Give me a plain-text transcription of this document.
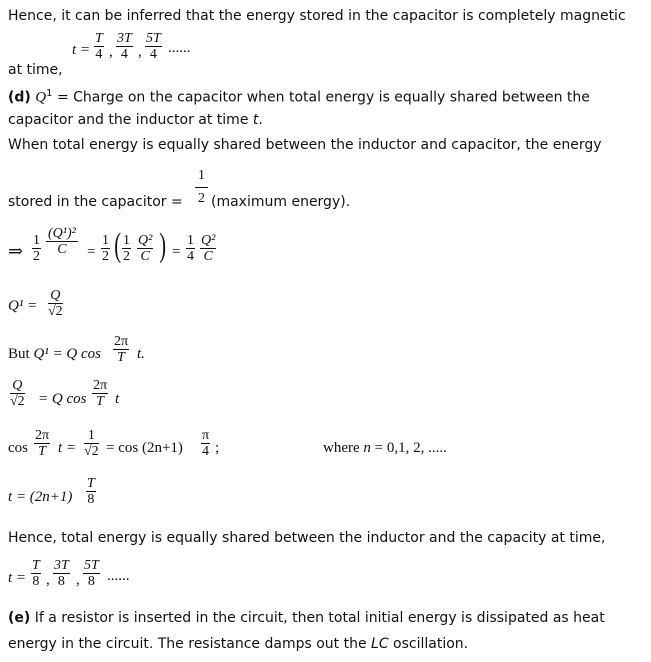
Hence, it can be inferred that the energy stored in the capacitor is completely magnetic
$t = \frac{T}{4}$ , $\frac{3T}{4}$ , $\frac{5T}{4}$ ......
at time,
(d) $Q^1$ = Charge on the capacitor when total energy is equally shared between the
capacitor and the inductor at time t.
When total energy is equally shared between the inductor and capacitor, the energy
stored in the capacitor = $\frac{1}{2}$ (maximum energy).
⇒ $\frac{1}{2} \frac{\text{(Q¹)²}}{C} = \frac{1}{2}$ ( $\frac{1}{2} \frac{\text{Q²}}{C}$ ) = $\frac{1}{4} \frac{\text{Q²}}{C}$
$Q^1 = \frac{Q}{√2}$
But Q¹ = Q $\cos \frac{2\pi}{T} t$.
$\frac{Q}{√2} = Q$ $\cos \frac{2\pi}{T}$ t
$\cos \frac{2\pi}{T}$ $t = \frac{1}{√2} = \cos (2n+1) \frac{\pi}{4}$ ;	where n = 0,1, 2, .....
$t = (2n+1) \frac{T}{8}$
Hence, total energy is equally shared between the inductor and the capacity at time,
$t = \frac{T}{8}$ , $\frac{3T}{8}$ , $\frac{5T}{8}$ ......
(e) If a resistor is inserted in the circuit, then total initial energy is dissipated as heat
energy in the circuit. The resistance damps out the LC oscillation.
